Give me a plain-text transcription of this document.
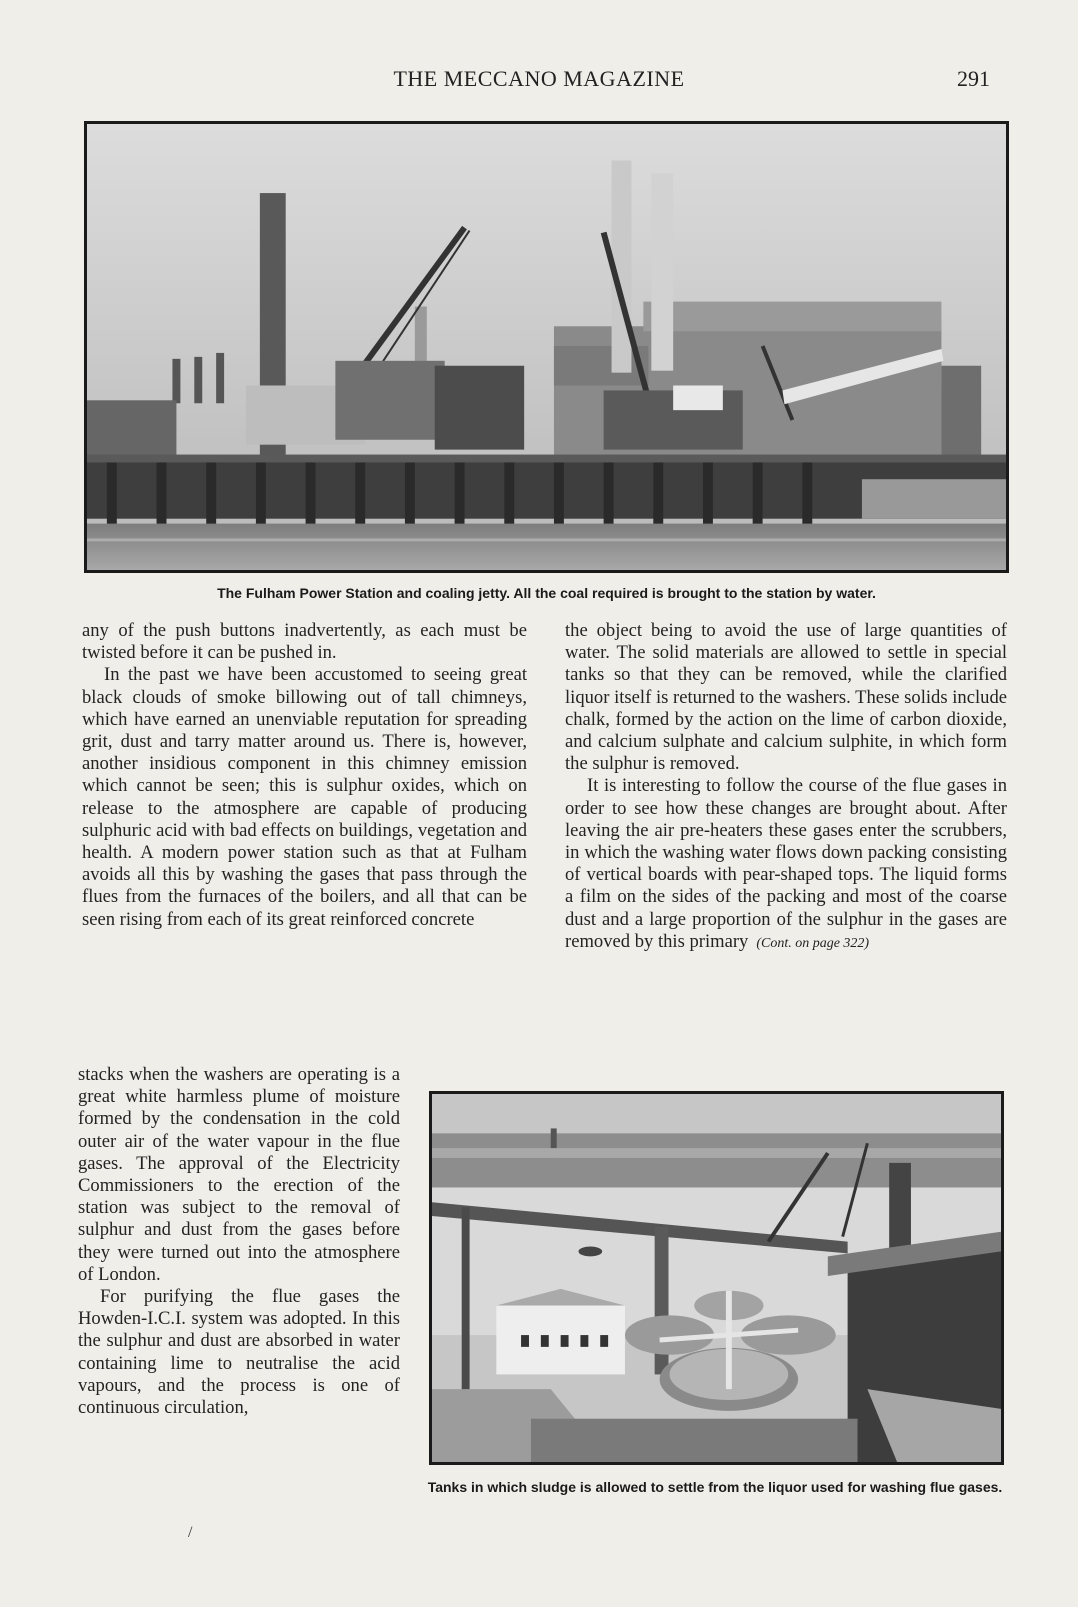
THE MECCANO MAGAZINE	291
The Fulham Power Station and coaling jetty. All the coal required is brought to the station by water.

any of the push buttons inadvertently, as each must be twisted before it can be pushed in.

In the past we have been accustomed to seeing great black clouds of smoke billowing out of tall chimneys, which have earned an unenviable reputation for spreading grit, dust and tarry matter around us. There is, however, another insidious component in this chimney emission which cannot be seen; this is sulphur oxides, which on release to the atmosphere are capable of producing sulphuric acid with bad effects on buildings, vegetation and health. A modern power station such as that at Fulham avoids all this by washing the gases that pass through the flues from the furnaces of the boilers, and all that can be seen rising from each of its great reinforced concrete

stacks when the washers are operating is a great white harmless plume of moisture formed by the condensation in the cold outer air of the water vapour in the flue gases. The approval of the Electricity Commissioners to the erection of the station was subject to the removal of sulphur and dust from the gases before they were turned out into the atmosphere of London.

For purifying the flue gases the Howden-I.C.I. system was adopted. In this the sulphur and dust are absorbed in water containing lime to neutralise the acid vapours, and the process is one of continuous circulation,

the object being to avoid the use of large quantities of water. The solid materials are allowed to settle in special tanks so that they can be removed, while the clarified liquor itself is returned to the washers. These solids include chalk, formed by the action on the lime of carbon dioxide, and calcium sulphate and calcium sulphite, in which form the sulphur is removed.

It is interesting to follow the course of the flue gases in order to see how these changes are brought about. After leaving the air pre-heaters these gases enter the scrubbers, in which the washing water flows down packing consisting of vertical boards with pear-shaped tops. The liquid forms a film on the sides of the packing and most of the coarse dust and a large proportion of the sulphur in the gases are removed by this primary (Cont. on page 322)

Tanks in which sludge is allowed to settle from the liquor used for washing flue gases.
/
